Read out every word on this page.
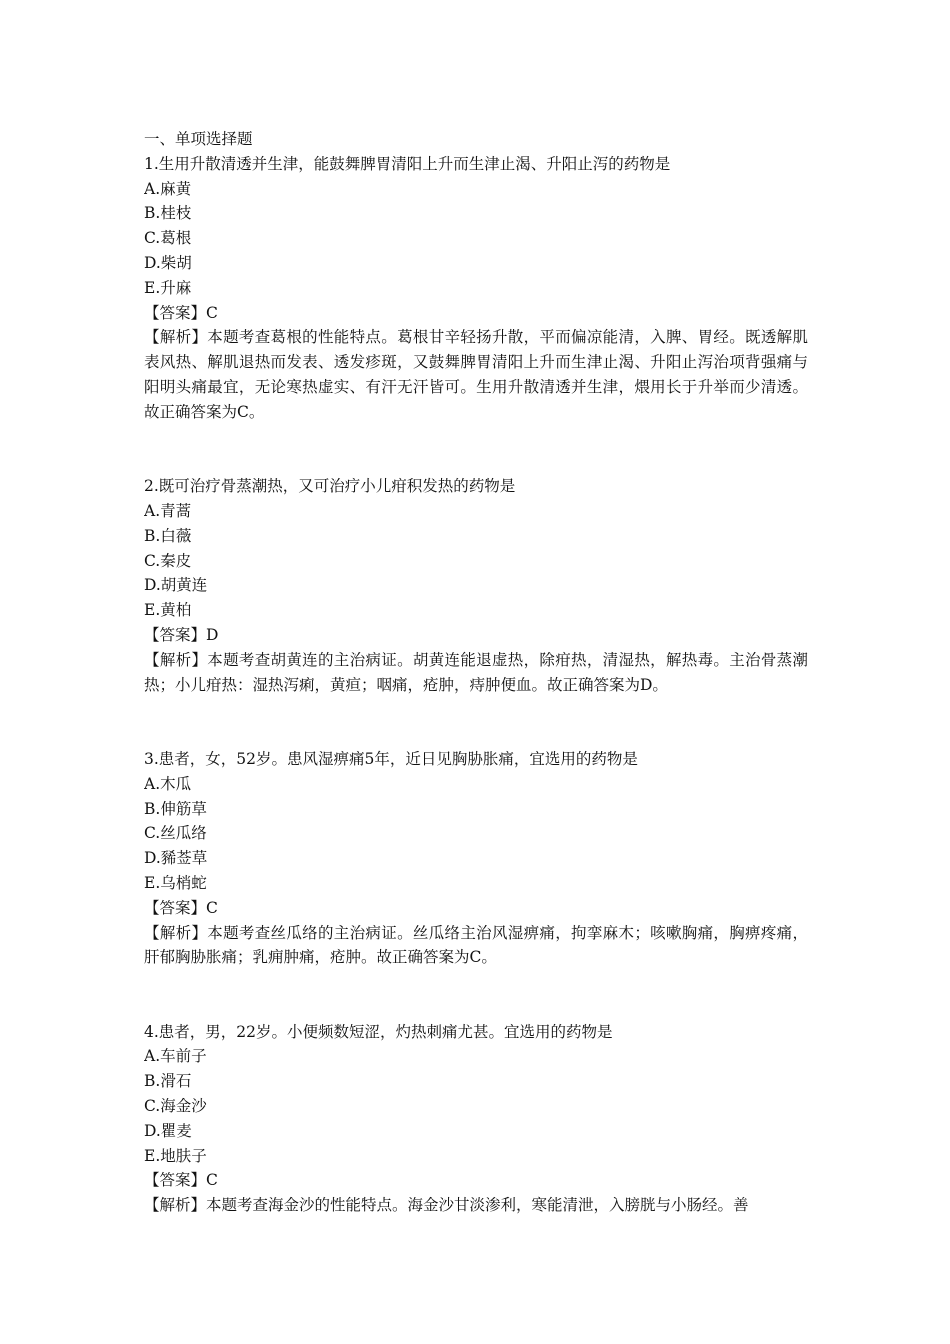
一、单项选择题
1.生用升散清透并生津，能鼓舞脾胃清阳上升而生津止渴、升阳止泻的药物是
A.麻黄
B.桂枝
C.葛根
D.柴胡
E.升麻
【答案】C
【解析】本题考查葛根的性能特点。葛根甘辛轻扬升散，平而偏凉能清，入脾、胃经。既透解肌表风热、解肌退热而发表、透发疹斑，又鼓舞脾胃清阳上升而生津止渴、升阳止泻治项背强痛与阳明头痛最宜，无论寒热虚实、有汗无汗皆可。生用升散清透并生津，煨用长于升举而少清透。故正确答案为C。
2.既可治疗骨蒸潮热，又可治疗小儿疳积发热的药物是
A.青蒿
B.白薇
C.秦皮
D.胡黄连
E.黄柏
【答案】D
【解析】本题考查胡黄连的主治病证。胡黄连能退虚热，除疳热，清湿热，解热毒。主治骨蒸潮热；小儿疳热：湿热泻痢，黄疸；咽痛，疮肿，痔肿便血。故正确答案为D。
3.患者，女，52岁。患风湿痹痛5年，近日见胸胁胀痛，宜选用的药物是
A.木瓜
B.伸筋草
C.丝瓜络
D.豨莶草
E.乌梢蛇
【答案】C
【解析】本题考查丝瓜络的主治病证。丝瓜络主治风湿痹痛，拘挛麻木；咳嗽胸痛，胸痹疼痛，肝郁胸胁胀痛；乳痈肿痛，疮肿。故正确答案为C。
4.患者，男，22岁。小便频数短涩，灼热刺痛尤甚。宜选用的药物是
A.车前子
B.滑石
C.海金沙
D.瞿麦
E.地肤子
【答案】C
【解析】本题考查海金沙的性能特点。海金沙甘淡渗利，寒能清泄，入膀胱与小肠经。善
